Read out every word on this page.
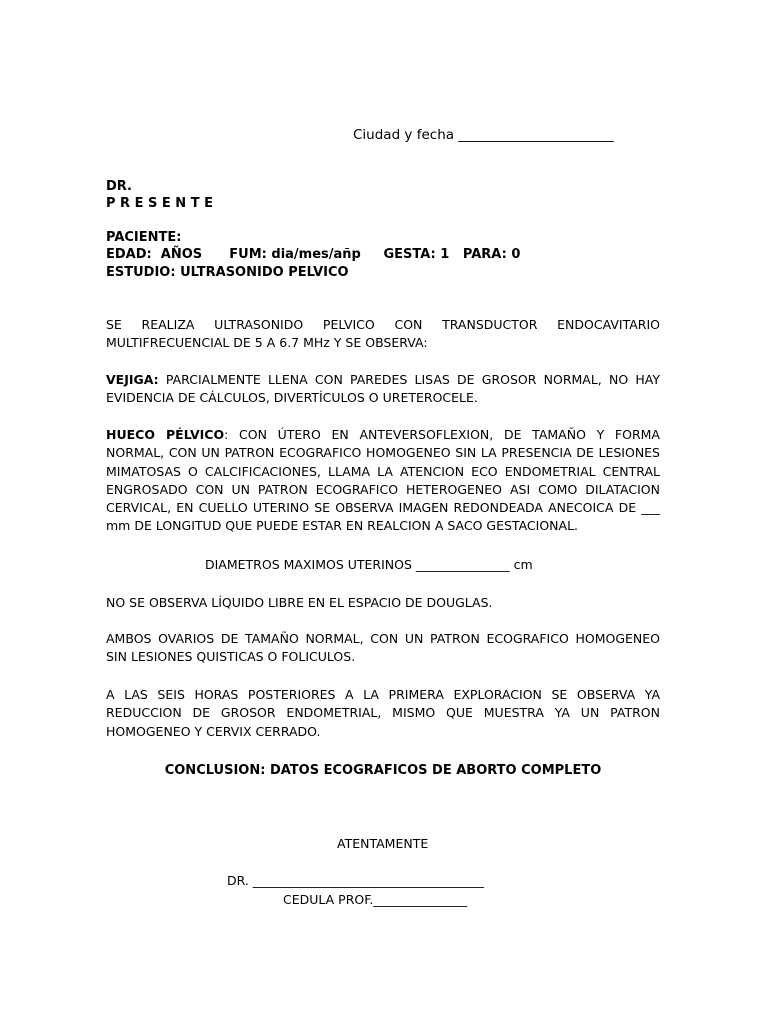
Ciudad y fecha _______________________
DR.
P R E S E N T E
PACIENTE:
EDAD:  AÑOS      FUM: dia/mes/añp     GESTA: 1   PARA: 0
ESTUDIO: ULTRASONIDO PELVICO
SE REALIZA ULTRASONIDO PELVICO CON TRANSDUCTOR ENDOCAVITARIO MULTIFRECUENCIAL DE 5 A 6.7 MHz Y SE OBSERVA:
VEJIGA: PARCIALMENTE LLENA CON PAREDES LISAS DE GROSOR NORMAL, NO HAY EVIDENCIA DE CÁLCULOS, DIVERTÍCULOS O URETEROCELE.
HUECO PÉLVICO: CON ÚTERO EN ANTEVERSOFLEXION, DE TAMAÑO Y FORMA NORMAL, CON UN PATRON ECOGRAFICO HOMOGENEO SIN LA PRESENCIA DE LESIONES MIMATOSAS O CALCIFICACIONES, LLAMA LA ATENCION ECO ENDOMETRIAL CENTRAL ENGROSADO CON UN PATRON ECOGRAFICO HETEROGENEO ASI COMO DILATACION CERVICAL, EN CUELLO UTERINO SE OBSERVA IMAGEN REDONDEADA ANECOICA DE ___ mm DE LONGITUD QUE PUEDE ESTAR EN REALCION A SACO GESTACIONAL.
DIAMETROS MAXIMOS UTERINOS _______________ cm
NO SE OBSERVA LÍQUIDO LIBRE EN EL ESPACIO DE DOUGLAS.
AMBOS OVARIOS DE TAMAÑO NORMAL, CON UN PATRON ECOGRAFICO HOMOGENEO SIN LESIONES QUISTICAS O FOLICULOS.
A LAS SEIS HORAS POSTERIORES A LA PRIMERA EXPLORACION SE OBSERVA YA REDUCCION DE GROSOR ENDOMETRIAL, MISMO QUE MUESTRA YA UN PATRON HOMOGENEO Y CERVIX CERRADO.
CONCLUSION: DATOS ECOGRAFICOS DE ABORTO COMPLETO
ATENTAMENTE
DR. _____________________________________
CEDULA PROF._______________
